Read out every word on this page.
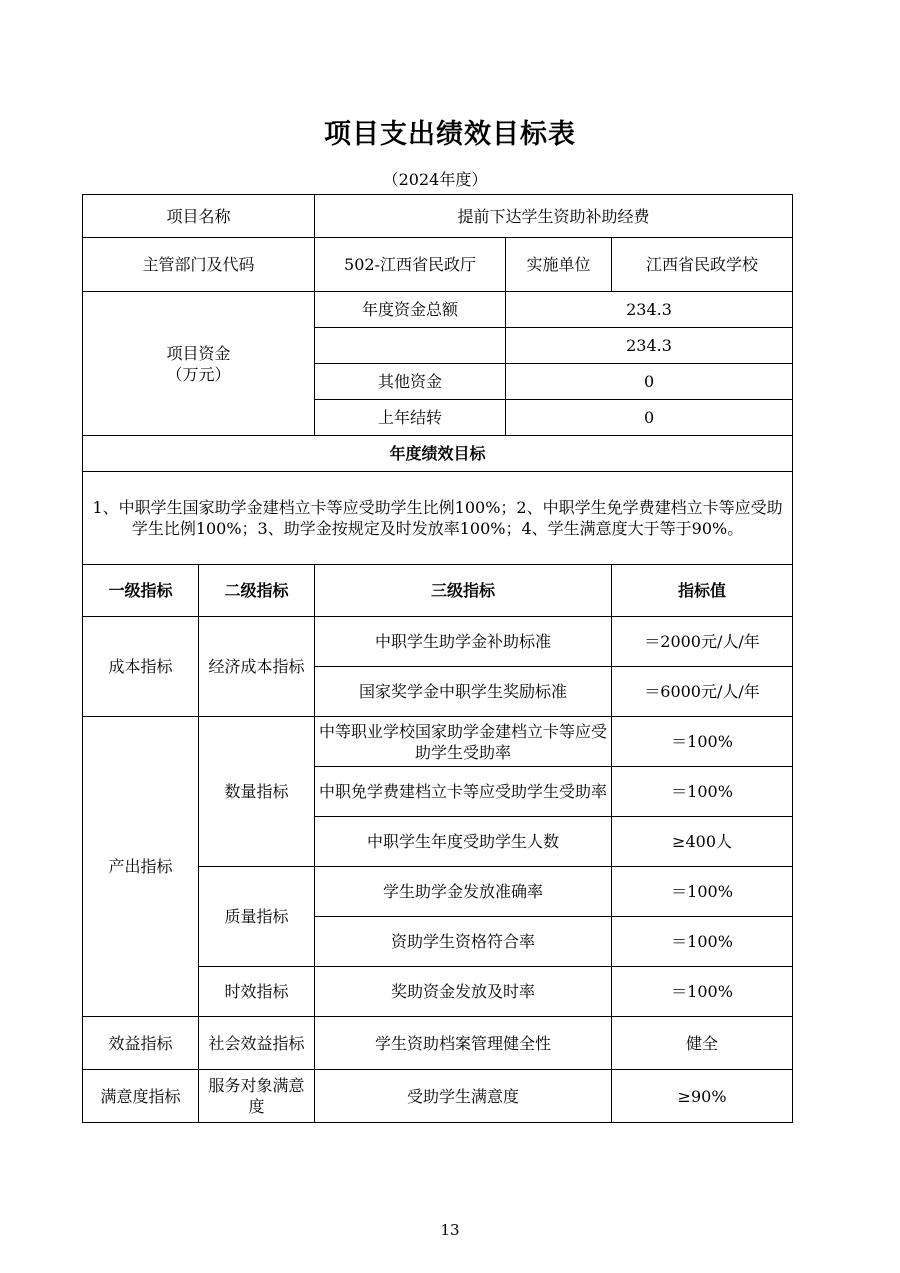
项目支出绩效目标表
（2024年度）
项目名称		提前下达学生资助补助经费		
主管部门及代码		502-江西省民政厅	实施单位	江西省民政学校
项目资金
（万元）		年度资金总额	234.3	
			234.3	
		其他资金	0	
		上年结转	0	
年度绩效目标				
1、中职学生国家助学金建档立卡等应受助学生比例100%；2、中职学生免学费建档立卡等应受助学生比例100%；3、助学金按规定及时发放率100%；4、学生满意度大于等于90%。				
一级指标	二级指标	三级指标		指标值
成本指标	经济成本指标	中职学生助学金补助标准		＝2000元/人/年
		国家奖学金中职学生奖励标准		＝6000元/人/年
产出指标	数量指标	中等职业学校国家助学金建档立卡等应受助学生受助率		＝100%
		中职免学费建档立卡等应受助学生受助率		＝100%
		中职学生年度受助学生人数		≥400人
	质量指标	学生助学金发放准确率		＝100%
		资助学生资格符合率		＝100%
	时效指标	奖助资金发放及时率		＝100%
效益指标	社会效益指标	学生资助档案管理健全性		健全
满意度指标	服务对象满意度	受助学生满意度		≥90%
13
